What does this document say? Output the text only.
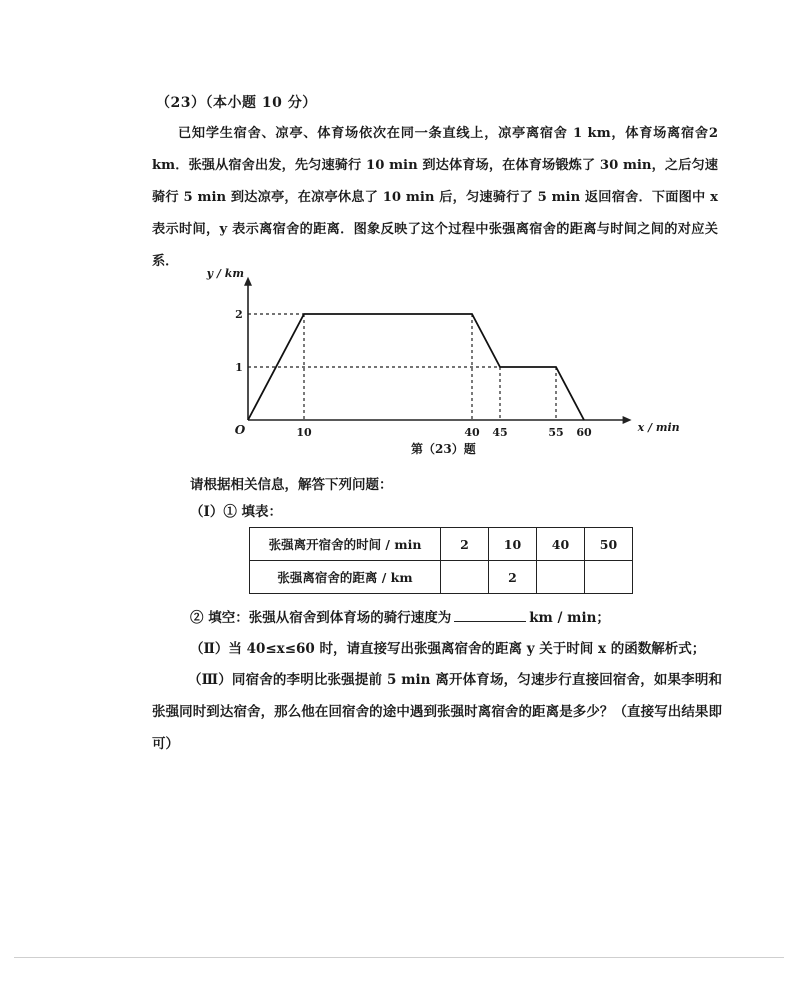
（23）（本小题 10 分）
已知学生宿舍、凉亭、体育场依次在同一条直线上，凉亭离宿舍 1 km，体育场离宿舍2 km．张强从宿舍出发，先匀速骑行 10 min 到达体育场，在体育场锻炼了 30 min，之后匀速骑行 5 min 到达凉亭，在凉亭休息了 10 min 后，匀速骑行了 5 min 返回宿舍．下面图中 x 表示时间，y 表示离宿舍的距离．图象反映了这个过程中张强离宿舍的距离与时间之间的对应关系．
10	40 45	55 60
1
2
O	x / min
y / km
第（23）题
请根据相关信息，解答下列问题：
（Ⅰ）① 填表：
张强离开宿舍的时间 / min	2	10	40	50
张强离宿舍的距离 / km		2		
② 填空：张强从宿舍到体育场的骑行速度为	km / min；
（Ⅱ）当 40≤x≤60 时，请直接写出张强离宿舍的距离 y 关于时间 x 的函数解析式；
（Ⅲ）同宿舍的李明比张强提前 5 min 离开体育场，匀速步行直接回宿舍，如果李明和张强同时到达宿舍，那么他在回宿舍的途中遇到张强时离宿舍的距离是多少？（直接写出结果即可）
